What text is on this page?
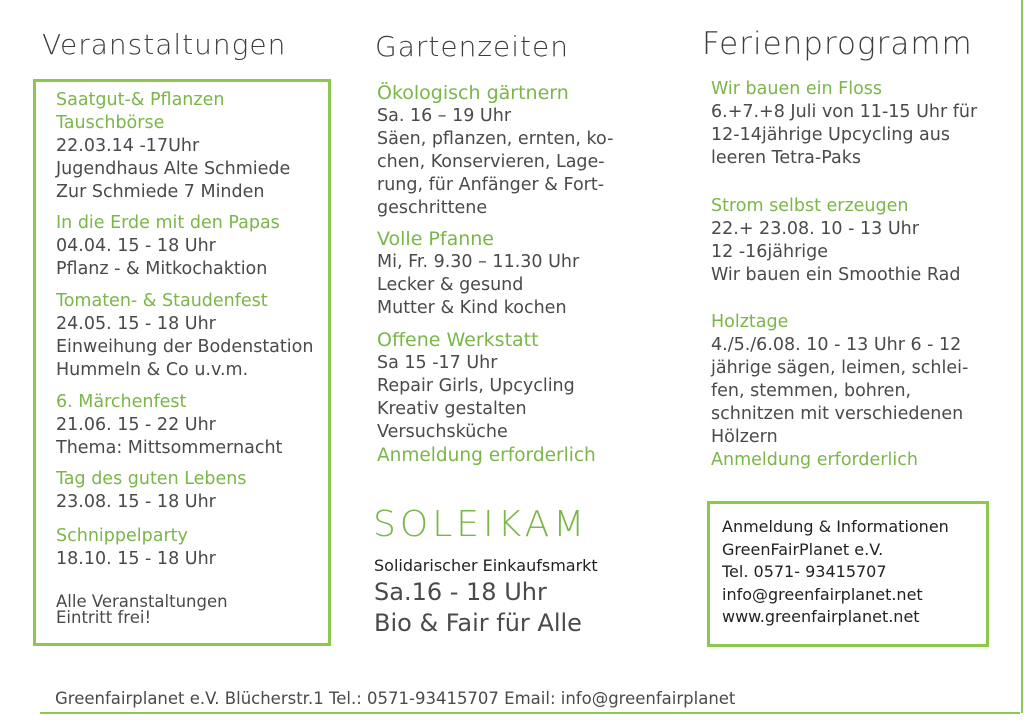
Veranstaltungen	Gartenzeiten	Ferienprogramm
Saatgut-& Pflanzen
Tauschbörse
22.03.14 -17Uhr
Jugendhaus Alte Schmiede
Zur Schmiede 7 Minden
In die Erde mit den Papas
04.04. 15 - 18 Uhr
Pflanz - & Mitkochaktion
Tomaten- & Staudenfest
24.05. 15 - 18 Uhr
Einweihung der Bodenstation
Hummeln & Co u.v.m.
6. Märchenfest
21.06. 15 - 22 Uhr
Thema: Mittsommernacht
Tag des guten Lebens
23.08. 15 - 18 Uhr
Schnippelparty
18.10. 15 - 18 Uhr
Alle Veranstaltungen
Eintritt frei!
Ökologisch gärtnern
Sa. 16 – 19 Uhr
Säen, pflanzen, ernten, ko-
chen, Konservieren, Lage-
rung, für Anfänger & Fort-
geschrittene
Volle Pfanne
Mi, Fr. 9.30 – 11.30 Uhr
Lecker & gesund
Mutter & Kind kochen
Offene Werkstatt
Sa 15 -17 Uhr
Repair Girls, Upcycling
Kreativ gestalten
Versuchsküche
Anmeldung erforderlich
SOLEIKAM
Solidarischer Einkaufsmarkt
Sa.16 - 18 Uhr
Bio & Fair für Alle
Wir bauen ein Floss
6.+7.+8 Juli von 11-15 Uhr für
12-14jährige Upcycling aus
leeren Tetra-Paks
Strom selbst erzeugen
22.+ 23.08. 10 - 13 Uhr
12 -16jährige
Wir bauen ein Smoothie Rad
Holztage
4./5./6.08. 10 - 13 Uhr 6 - 12
jährige sägen, leimen, schlei-
fen, stemmen, bohren,
schnitzen mit verschiedenen
Hölzern
Anmeldung erforderlich
Anmeldung & Informationen
GreenFairPlanet e.V.
Tel. 0571- 93415707
info@greenfairplanet.net
www.greenfairplanet.net
Greenfairplanet e.V. Blücherstr.1 Tel.: 0571-93415707 Email: info@greenfairplanet
